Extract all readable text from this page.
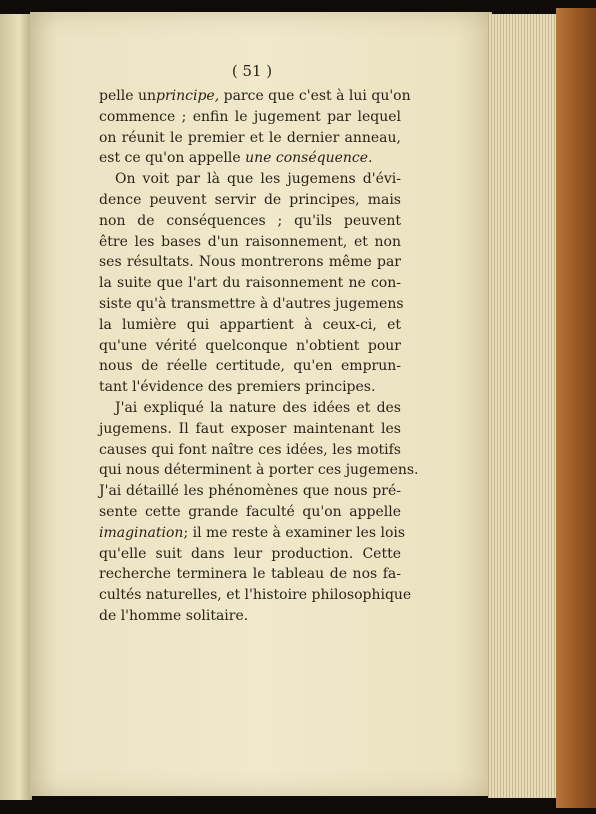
( 51 )
pelle unprincipe, parce que c'est à lui qu'on
commence ; enfin le jugement par lequel
on réunit le premier et le dernier anneau,
est ce qu'on appelle une conséquence.
On voit par là que les jugemens d'évi-
dence peuvent servir de principes, mais
non de conséquences ; qu'ils peuvent
être les bases d'un raisonnement, et non
ses résultats. Nous montrerons même par
la suite que l'art du raisonnement ne con-
siste qu'à transmettre à d'autres jugemens
la lumière qui appartient à ceux-ci, et
qu'une vérité quelconque n'obtient pour
nous de réelle certitude, qu'en emprun-
tant l'évidence des premiers principes.
J'ai expliqué la nature des idées et des
jugemens. Il faut exposer maintenant les
causes qui font naître ces idées, les motifs
qui nous déterminent à porter ces jugemens.
J'ai détaillé les phénomènes que nous pré-
sente cette grande faculté qu'on appelle
imagination; il me reste à examiner les lois
qu'elle suit dans leur production. Cette
recherche terminera le tableau de nos fa-
cultés naturelles, et l'histoire philosophique
de l'homme solitaire.
